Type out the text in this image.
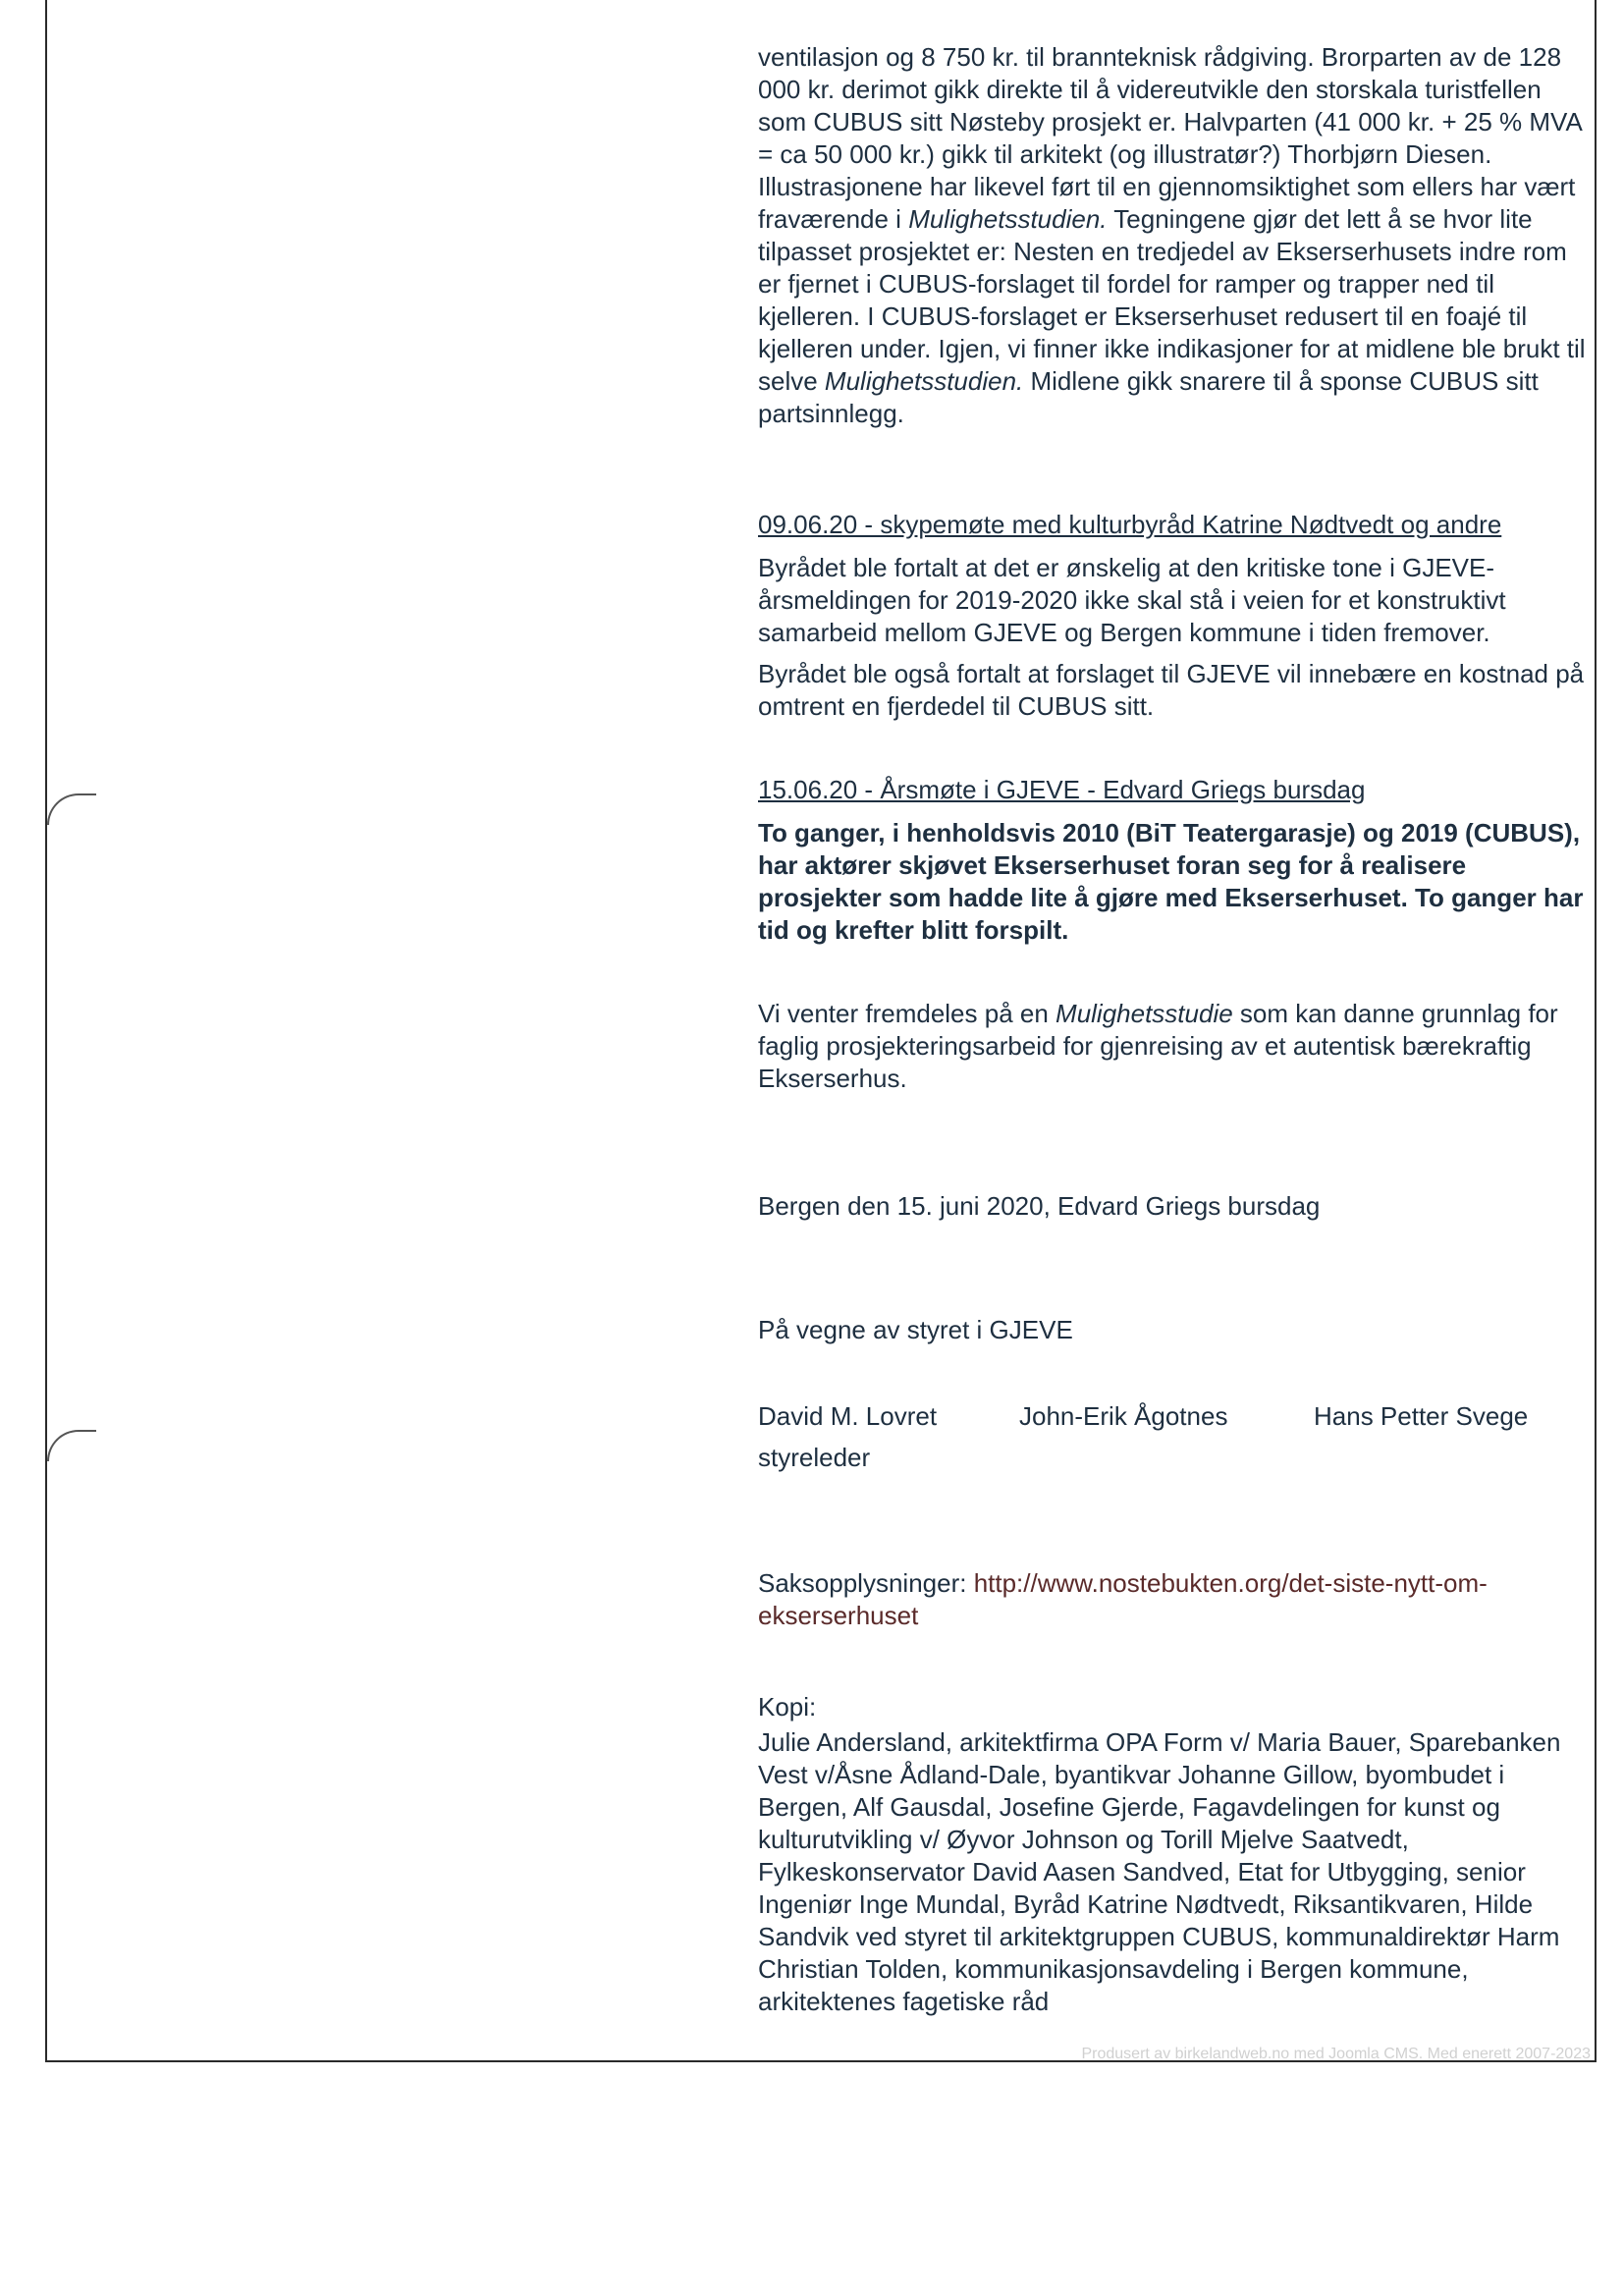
ventilasjon og 8 750 kr. til brannteknisk rådgiving. Brorparten av de 128 000 kr. derimot gikk direkte til å videreutvikle den storskala turistfellen som CUBUS sitt Nøsteby prosjekt er. Halvparten (41 000 kr. + 25 % MVA = ca 50 000 kr.) gikk til arkitekt (og illustratør?) Thorbjørn Diesen. Illustrasjonene har likevel ført til en gjennomsiktighet som ellers har vært fraværende i Mulighetsstudien. Tegningene gjør det lett å se hvor lite tilpasset prosjektet er: Nesten en tredjedel av Ekserserhusets indre rom er fjernet i CUBUS-forslaget til fordel for ramper og trapper ned til kjelleren. I CUBUS-forslaget er Ekserserhuset redusert til en foajé til kjelleren under. Igjen, vi finner ikke indikasjoner for at midlene ble brukt til selve Mulighetsstudien. Midlene gikk snarere til å sponse CUBUS sitt partsinnlegg.

09.06.20 - skypemøte med kulturbyråd Katrine Nødtvedt og andre

Byrådet ble fortalt at det er ønskelig at den kritiske tone i GJEVE-årsmeldingen for 2019-2020 ikke skal stå i veien for et konstruktivt samarbeid mellom GJEVE og Bergen kommune i tiden fremover.

Byrådet ble også fortalt at forslaget til GJEVE vil innebære en kostnad på omtrent en fjerdedel til CUBUS sitt.

15.06.20 - Årsmøte i GJEVE - Edvard Griegs bursdag

To ganger, i henholdsvis 2010 (BiT Teatergarasje) og 2019 (CUBUS), har aktører skjøvet Ekserserhuset foran seg for å realisere prosjekter som hadde lite å gjøre med Ekserserhuset. To ganger har tid og krefter blitt forspilt.

Vi venter fremdeles på en Mulighetsstudie som kan danne grunnlag for faglig prosjekteringsarbeid for gjenreising av et autentisk bærekraftig Ekserserhus.

Bergen den 15. juni 2020, Edvard Griegs bursdag

På vegne av styret i GJEVE

David M. Lovret	John-Erik Ågotnes	Hans Petter Svege

styreleder

Saksopplysninger: http://www.nostebukten.org/det-siste-nytt-om-ekserserhuset

Kopi:

Julie Andersland, arkitektfirma OPA Form v/ Maria Bauer, Sparebanken Vest v/Åsne Ådland-Dale, byantikvar Johanne Gillow, byombudet i Bergen, Alf Gausdal, Josefine Gjerde, Fagavdelingen for kunst og kulturutvikling v/ Øyvor Johnson og Torill Mjelve Saatvedt, Fylkeskonservator David Aasen Sandved, Etat for Utbygging, senior Ingeniør Inge Mundal, Byråd Katrine Nødtvedt, Riksantikvaren, Hilde Sandvik ved styret til arkitektgruppen CUBUS, kommunaldirektør Harm Christian Tolden, kommunikasjonsavdeling i Bergen kommune, arkitektenes fagetiske råd

Produsert av birkelandweb.no med Joomla CMS. Med enerett 2007-2023
